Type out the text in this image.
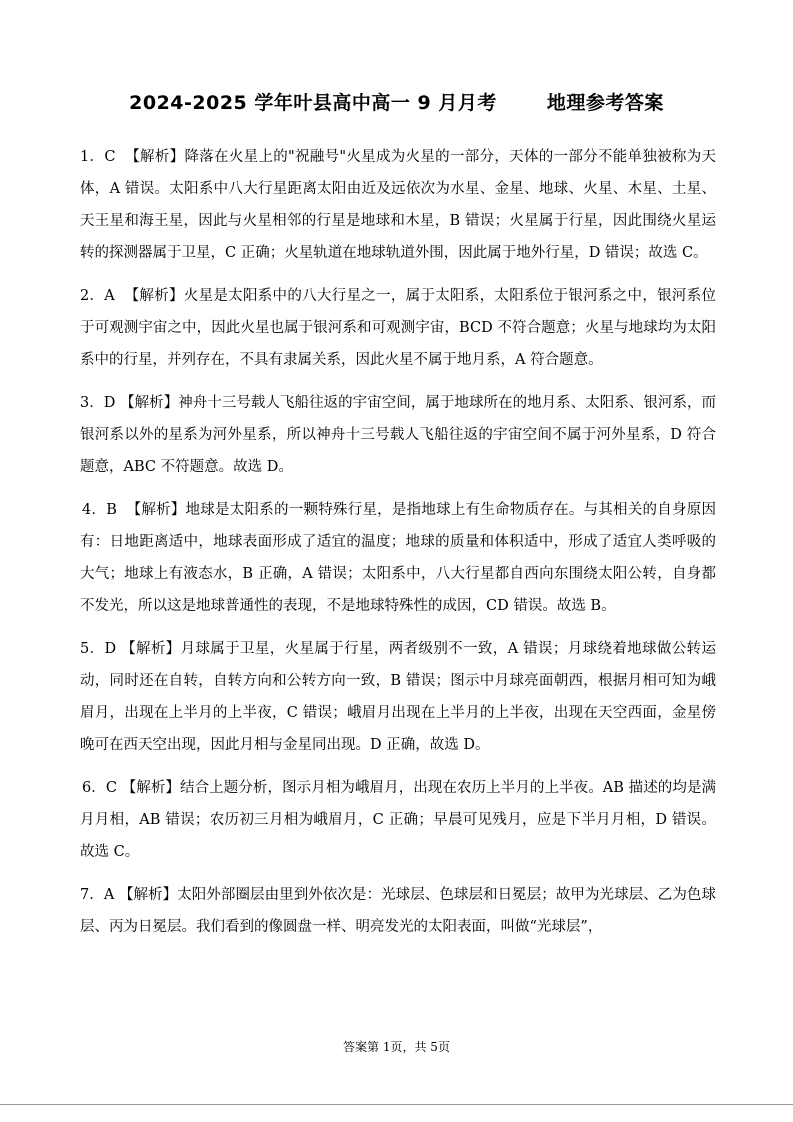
2024-2025 学年叶县高中高一 9 月月考	地理参考答案

1．C 【解析】降落在火星上的"祝融号"火星成为火星的一部分，天体的一部分不能单独被称为天体，A 错误。太阳系中八大行星距离太阳由近及远依次为水星、金星、地球、火星、木星、土星、天王星和海王星，因此与火星相邻的行星是地球和木星，B 错误；火星属于行星，因此围绕火星运转的探测器属于卫星，C 正确；火星轨道在地球轨道外围，因此属于地外行星，D 错误；故选 C。

2．A 【解析】火星是太阳系中的八大行星之一，属于太阳系，太阳系位于银河系之中，银河系位于可观测宇宙之中，因此火星也属于银河系和可观测宇宙，BCD 不符合题意；火星与地球均为太阳系中的行星，并列存在，不具有隶属关系，因此火星不属于地月系，A 符合题意。

3．D 【解析】神舟十三号载人飞船往返的宇宙空间，属于地球所在的地月系、太阳系、银河系，而银河系以外的星系为河外星系，所以神舟十三号载人飞船往返的宇宙空间不属于河外星系，D 符合题意，ABC 不符题意。故选 D。

4．B 【解析】地球是太阳系的一颗特殊行星，是指地球上有生命物质存在。与其相关的自身原因有：日地距离适中，地球表面形成了适宜的温度；地球的质量和体积适中，形成了适宜人类呼吸的大气；地球上有液态水，B 正确，A 错误；太阳系中，八大行星都自西向东围绕太阳公转，自身都不发光，所以这是地球普通性的表现，不是地球特殊性的成因，CD 错误。故选 B。

5．D 【解析】月球属于卫星，火星属于行星，两者级别不一致，A 错误；月球绕着地球做公转运动，同时还在自转，自转方向和公转方向一致，B 错误；图示中月球亮面朝西，根据月相可知为峨眉月，出现在上半月的上半夜，C 错误；峨眉月出现在上半月的上半夜，出现在天空西面，金星傍晚可在西天空出现，因此月相与金星同出现。D 正确，故选 D。

6．C 【解析】结合上题分析，图示月相为峨眉月，出现在农历上半月的上半夜。AB 描述的均是满月月相，AB 错误；农历初三月相为峨眉月，C 正确；早晨可见残月，应是下半月月相，D 错误。故选 C。

7．A 【解析】太阳外部圈层由里到外依次是：光球层、色球层和日冕层；故甲为光球层、乙为色球层、丙为日冕层。我们看到的像圆盘一样、明亮发光的太阳表面，叫做“光球层”，

答案第 1页，共 5页
